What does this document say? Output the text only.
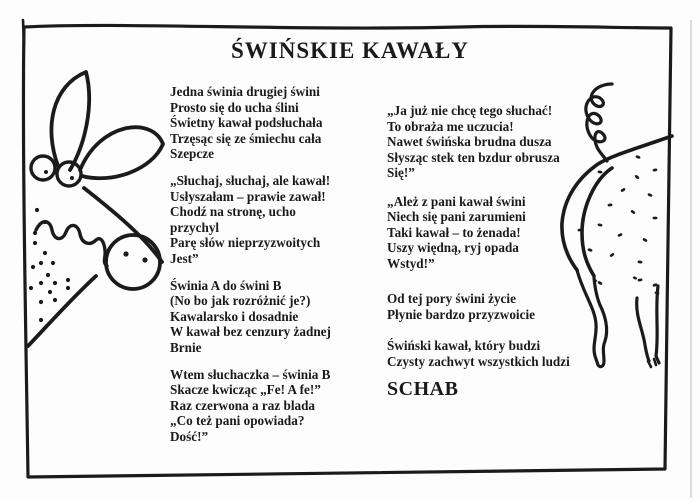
ŚWIŃSKIE KAWAŁY
Jedna świnia drugiej świni
Prosto się do ucha ślini
Świetny kawał podsłuchała
Trzęsąc się ze śmiechu cała
Szepcze
„Słuchaj, słuchaj, ale kawał!
Usłyszałam – prawie zawał!
Chodź na stronę, ucho
przychyl
Parę słów nieprzyzwoitych
Jest”
Świnia A do świni B
(No bo jak rozróżnić je?)
Kawalarsko i dosadnie
W kawał bez cenzury żadnej
Brnie
Wtem słuchaczka – świnia B
Skacze kwicząc „Fe! A fe!”
Raz czerwona a raz blada
„Co też pani opowiada?
Dość!”
„Ja już nie chcę tego słuchać!
To obraża me uczucia!
Nawet świńska brudna dusza
Słysząc stek ten bzdur obrusza
Się!”
„Ależ z pani kawał świni
Niech się pani zarumieni
Taki kawał – to żenada!
Uszy więdną, ryj opada
Wstyd!”
Od tej pory świni życie
Płynie bardzo przyzwoicie
Świński kawał, który budzi
Czysty zachwyt wszystkich ludzi
SCHAB
